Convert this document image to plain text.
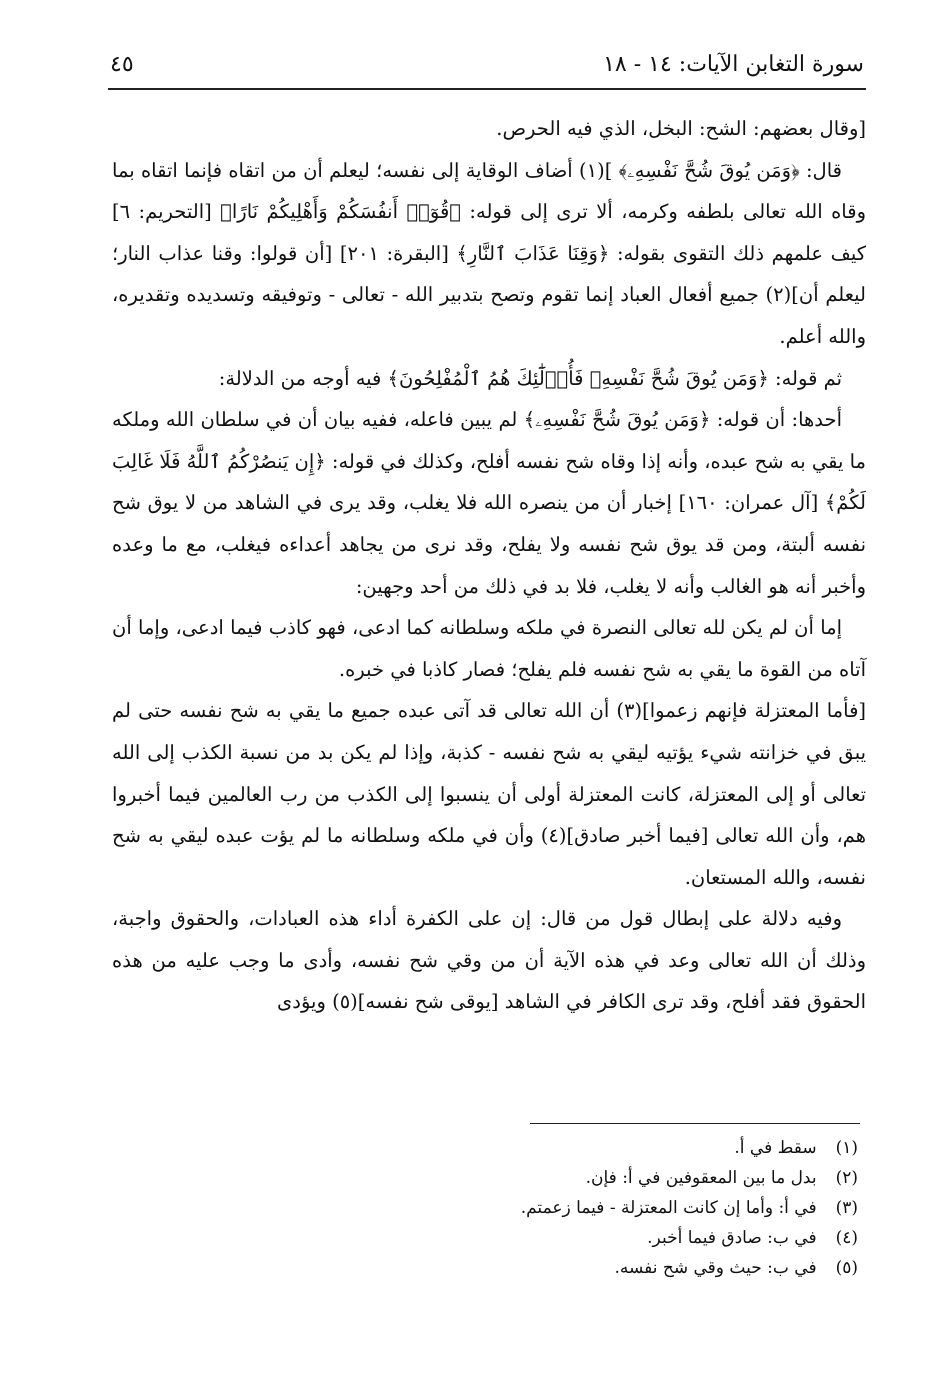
سورة التغابن الآيات: ١٤ - ١٨
٤٥

[وقال بعضهم: الشح: البخل، الذي فيه الحرص.

قال: ﴿وَمَن يُوقَ شُحَّ نَفْسِهِۦ﴾ ](١) أضاف الوقاية إلى نفسه؛ ليعلم أن من اتقاه فإنما اتقاه بما وقاه الله تعالى بلطفه وكرمه، ألا ترى إلى قوله: ﴿قُوٓا۟ أَنفُسَكُمْ وَأَهْلِيكُمْ نَارًا﴾ [التحريم: ٦] كيف علمهم ذلك التقوى بقوله: ﴿وَقِنَا عَذَابَ ٱلنَّارِ﴾ [البقرة: ٢٠١] [أن قولوا: وقنا عذاب النار؛ ليعلم أن](٢) جميع أفعال العباد إنما تقوم وتصح بتدبير الله - تعالى - وتوفيقه وتسديده وتقديره، والله أعلم.

ثم قوله: ﴿وَمَن يُوقَ شُحَّ نَفْسِهِۦ فَأُو۟لَٰٓئِكَ هُمُ ٱلْمُفْلِحُونَ﴾ فيه أوجه من الدلالة:

أحدها: أن قوله: ﴿وَمَن يُوقَ شُحَّ نَفْسِهِۦ﴾ لم يبين فاعله، ففيه بيان أن في سلطان الله وملكه ما يقي به شح عبده، وأنه إذا وقاه شح نفسه أفلح، وكذلك في قوله: ﴿إِن يَنصُرْكُمُ ٱللَّهُ فَلَا غَالِبَ لَكُمْ﴾ [آل عمران: ١٦٠] إخبار أن من ينصره الله فلا يغلب، وقد يرى في الشاهد من لا يوق شح نفسه ألبتة، ومن قد يوق شح نفسه ولا يفلح، وقد نرى من يجاهد أعداءه فيغلب، مع ما وعده وأخبر أنه هو الغالب وأنه لا يغلب، فلا بد في ذلك من أحد وجهين:

إما أن لم يكن لله تعالى النصرة في ملكه وسلطانه كما ادعى، فهو كاذب فيما ادعى، وإما أن آتاه من القوة ما يقي به شح نفسه فلم يفلح؛ فصار كاذبا في خبره.

[فأما المعتزلة فإنهم زعموا](٣) أن الله تعالى قد آتى عبده جميع ما يقي به شح نفسه حتى لم يبق في خزانته شيء يؤتيه ليقي به شح نفسه - كذبة، وإذا لم يكن بد من نسبة الكذب إلى الله تعالى أو إلى المعتزلة، كانت المعتزلة أولى أن ينسبوا إلى الكذب من رب العالمين فيما أخبروا هم، وأن الله تعالى [فيما أخبر صادق](٤) وأن في ملكه وسلطانه ما لم يؤت عبده ليقي به شح نفسه، والله المستعان.

وفيه دلالة على إبطال قول من قال: إن على الكفرة أداء هذه العبادات، والحقوق واجبة، وذلك أن الله تعالى وعد في هذه الآية أن من وقي شح نفسه، وأدى ما وجب عليه من هذه الحقوق فقد أفلح، وقد ترى الكافر في الشاهد [يوقى شح نفسه](٥) ويؤدى

(١) سقط في أ.
(٢) بدل ما بين المعقوفين في أ: فإن.
(٣) في أ: وأما إن كانت المعتزلة - فيما زعمتم.
(٤) في ب: صادق فيما أخبر.
(٥) في ب: حيث وقي شح نفسه.
